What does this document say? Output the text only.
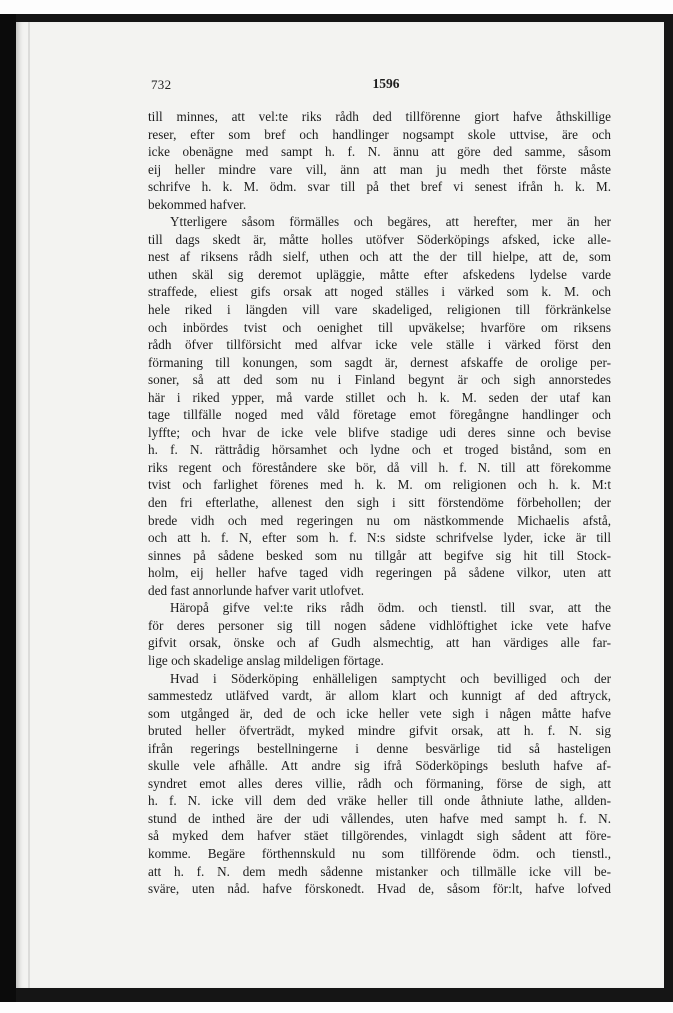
732	1596

till minnes, att vel:te riks rådh ded tillförenne giort hafve åthskillige
reser, efter som bref och handlinger nogsampt skole uttvise, äre och
icke obenägne med sampt h. f. N. ännu att göre ded samme, såsom
eij heller mindre vare vill, änn att man ju medh thet förste måste
schrifve h. k. M. ödm. svar till på thet bref vi senest ifrån h. k. M.
bekommed hafver.

Ytterligere såsom förmälles och begäres, att herefter, mer än her
till dags skedt är, måtte holles utöfver Söderköpings afsked, icke alle-
nest af riksens rådh sielf, uthen och att the der till hielpe, att de, som
uthen skäl sig deremot upläggie, måtte efter afskedens lydelse varde
straffede, eliest gifs orsak att noged ställes i värked som k. M. och
hele riked i längden vill vare skadeliged, religionen till förkränkelse
och inbördes tvist och oenighet till upväkelse; hvarföre om riksens
rådh öfver tillförsicht med alfvar icke vele ställe i värked först den
förmaning till konungen, som sagdt är, dernest afskaffe de orolige per-
soner, så att ded som nu i Finland begynt är och sigh annorstedes
här i riked ypper, må varde stillet och h. k. M. seden der utaf kan
tage tillfälle noged med våld företage emot föregångne handlinger och
lyffte; och hvar de icke vele blifve stadige udi deres sinne och bevise
h. f. N. rättrådig hörsamhet och lydne och et troged bistånd, som en
riks regent och föreståndere ske bör, då vill h. f. N. till att förekomme
tvist och farlighet förenes med h. k. M. om religionen och h. k. M:t
den fri efterlathe, allenest den sigh i sitt förstendöme förbehollen; der
brede vidh och med regeringen nu om nästkommende Michaelis afstå,
och att h. f. N, efter som h. f. N:s sidste schrifvelse lyder, icke är till
sinnes på sådene besked som nu tillgår att begifve sig hit till Stock-
holm, eij heller hafve taged vidh regeringen på sådene vilkor, uten att
ded fast annorlunde hafver varit utlofvet.

Häropå gifve vel:te riks rådh ödm. och tienstl. till svar, att the
för deres personer sig till nogen sådene vidhlöftighet icke vete hafve
gifvit orsak, önske och af Gudh alsmechtig, att han värdiges alle far-
lige och skadelige anslag mildeligen förtage.

Hvad i Söderköping enhälleligen samptycht och bevilliged och der
sammestedz utläfved vardt, är allom klart och kunnigt af ded aftryck,
som utgånged är, ded de och icke heller vete sigh i någen måtte hafve
bruted heller öfverträdt, myked mindre gifvit orsak, att h. f. N. sig
ifrån regerings bestellningerne i denne besvärlige tid så hasteligen
skulle vele afhålle. Att andre sig ifrå Söderköpings besluth hafve af-
syndret emot alles deres villie, rådh och förmaning, förse de sigh, att
h. f. N. icke vill dem ded vräke heller till onde åthniute lathe, allden-
stund de inthed äre der udi vållendes, uten hafve med sampt h. f. N.
så myked dem hafver stäet tillgörendes, vinlagdt sigh sådent att före-
komme. Begäre förthennskuld nu som tillförende ödm. och tienstl.,
att h. f. N. dem medh sådenne mistanker och tillmälle icke vill be-
sväre, uten nåd. hafve förskonedt. Hvad de, såsom för:lt, hafve lofved
